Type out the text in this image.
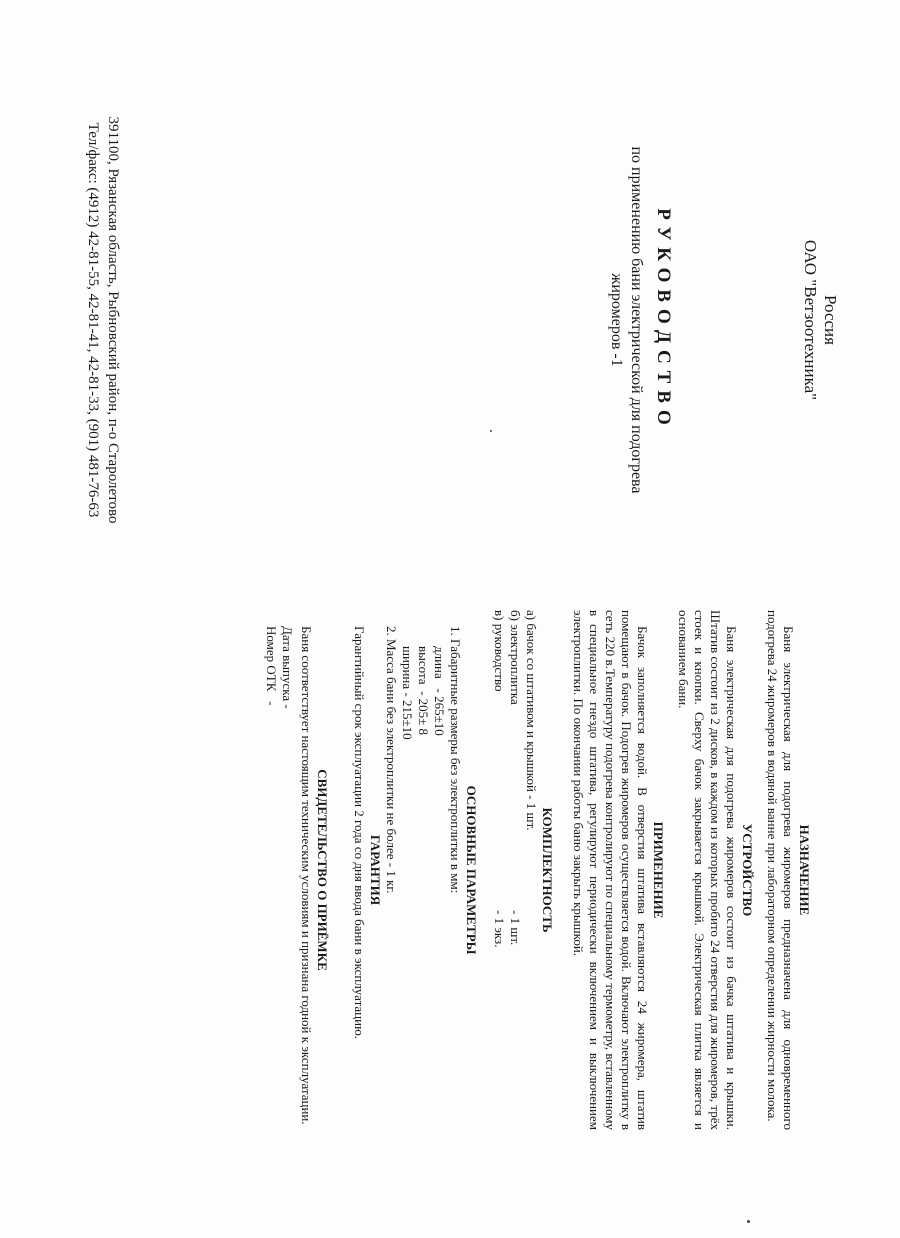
Россия
ОАО "Ветзоотехника"
РУКОВОДСТВО
по применению бани электрической для подогрева
жиромеров -1
391100, Рязанская область, Рыбновский район, п-о Старолетово
Тел/факс: (4912) 42-81-55, 42-81-41, 42-81-33, (901) 481-76-63
НАЗНАЧЕНИЕ

Баня электрическая для подогрева жиромеров предназначена для одновременного подогрева 24 жиромеров в водяной ванне при лабораторном определении жирности молока.

УСТРОЙСТВО

Баня электрическая для подогрева жиромеров состоит из бачка штатива и крышки. Штатив состоит из 2 дисков, в каждом из которых пробито 24 отверстия для жиромеров, трёх стоек и кнопки. Сверху бачок закрывается крышкой. Электрическая плитка является и основанием бани.

ПРИМЕНЕНИЕ

Бачок заполняется водой. В отверстия штатива вставляются 24 жиромера, штатив помещают в бачок. Подогрев жиромеров осуществляется водой. Включают электроплитку в сеть 220 в.Температуру подогрева контролируют по специальному термометру, вставленному в специальное гнездо штатива, регулируют периодически включением и выключением электроплитки. По окончании работы баню закрыть крышкой.

КОМПЛЕКТНОСТЬ
а) бачок со штативом и крышкой - 1 шт.
б) электроплитка
- 1 шт.
в) руководство
- 1 экз.
ОСНОВНЫЕ ПАРАМЕТРЫ
1. Габаритные размеры без электроплитки в мм:
длина   - 265±10
высота  - 205± 8
ширина - 215±10
2. Масса бани без электроплитки не более - 1 кг.
ГАРАНТИЯ

Гарантийный срок эксплуатации 2 года со дня ввода бани в эксплуатацию.

СВИДЕТЕЛЬСТВО О ПРИЁМКЕ

Баня соответствует настоящим техническим условиям и признана годной к эксплуатации.

Дата выпуска -
Номер ОТК   -
